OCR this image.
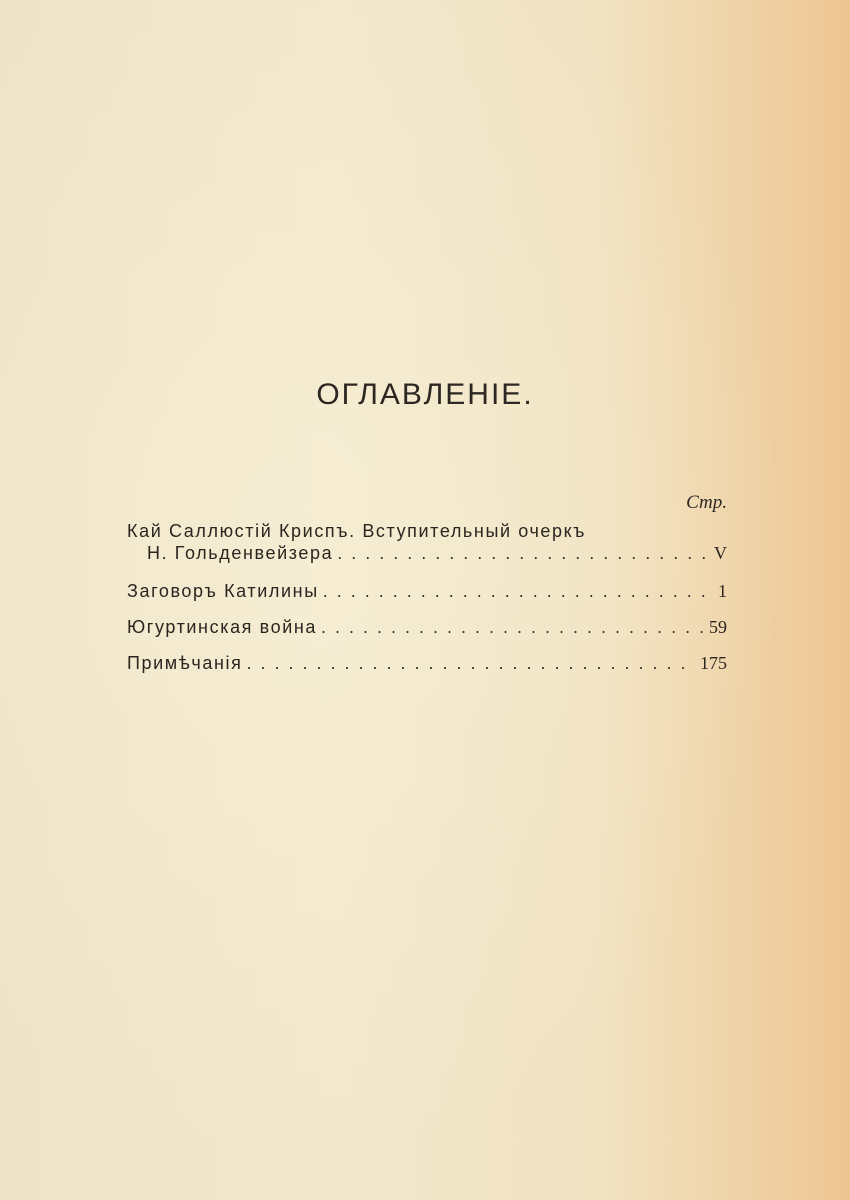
ОГЛАВЛЕНІЕ.
Стр.
Кай Саллюстій Криспъ. Вступительный очеркъ
Н. Гольденвейзера . . .	V
Заговоръ Катилины . . .	1
Югуртинская война . . .	59
Примѣчанія . . .	175
